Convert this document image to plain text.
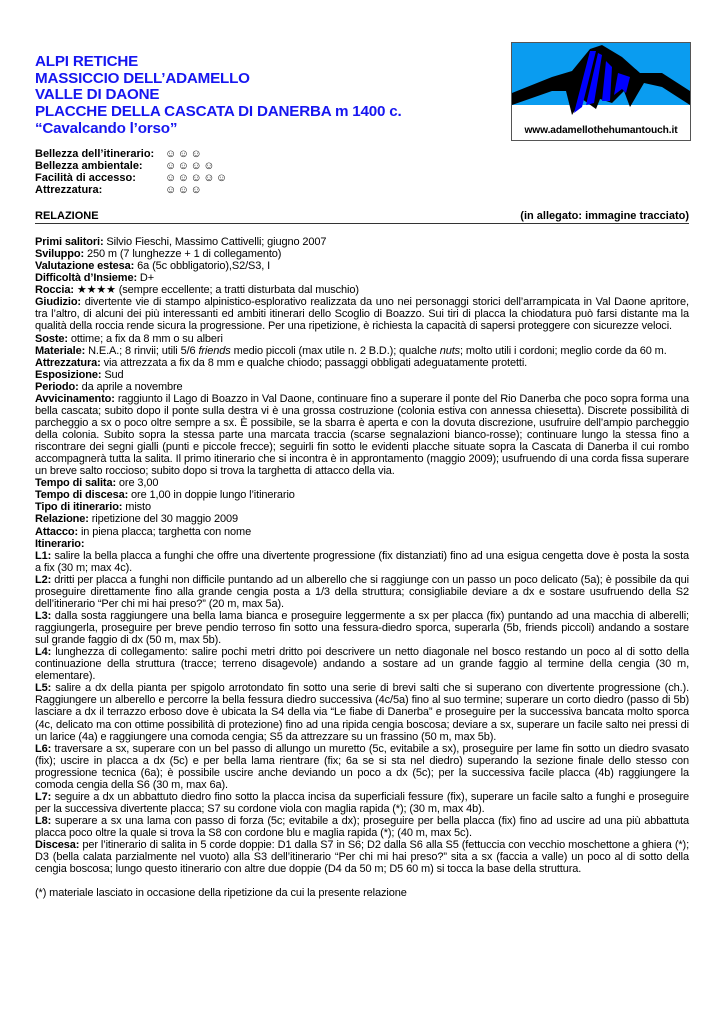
ALPI RETICHE
MASSICCIO DELL’ADAMELLO
VALLE DI DAONE
PLACCHE DELLA CASCATA DI DANERBA m 1400 c.
“Cavalcando l’orso”	www.adamellothehumantouch.it
Bellezza dell’itinerario: ☺☺☺
Bellezza ambientale:	☺☺☺☺
Facilità di accesso:	☺☺☺☺☺
Attrezzatura:	☺☺☺
RELAZIONE	(in allegato: immagine tracciato)

Primi salitori: Silvio Fieschi, Massimo Cattivelli; giugno 2007

Sviluppo: 250 m (7 lunghezze + 1 di collegamento)

Valutazione estesa: 6a (5c obbligatorio),S2/S3, I

Difficoltà d’Insieme: D+

Roccia: ★★★★ (sempre eccellente; a tratti disturbata dal muschio)

Giudizio: divertente vie di stampo alpinistico-esplorativo realizzata da uno nei personaggi storici dell’arrampicata in Val Daone apritore, tra l’altro, di alcuni dei più interessanti ed ambiti itinerari dello Scoglio di Boazzo. Sui tiri di placca la chiodatura può farsi distante ma la qualità della roccia rende sicura la progressione. Per una ripetizione, è richiesta la capacità di sapersi proteggere con sicurezze veloci.

Soste: ottime; a fix da 8 mm o su alberi

Materiale: N.E.A.; 8 rinvii; utili 5/6 friends medio piccoli (max utile n. 2 B.D.); qualche nuts; molto utili i cordoni; meglio corde da 60 m.

Attrezzatura: via attrezzata a fix da 8 mm e qualche chiodo; passaggi obbligati adeguatamente protetti.

Esposizione: Sud

Periodo: da aprile a novembre

Avvicinamento: raggiunto il Lago di Boazzo in Val Daone, continuare fino a superare il ponte del Rio Danerba che poco sopra forma una bella cascata; subito dopo il ponte sulla destra vi è una grossa costruzione (colonia estiva con annessa chiesetta). Discrete possibilità di parcheggio a sx o poco oltre sempre a sx. È possibile, se la sbarra è aperta e con la dovuta discrezione, usufruire dell’ampio parcheggio della colonia. Subito sopra la stessa parte una marcata traccia (scarse segnalazioni bianco-rosse); continuare lungo la stessa fino a riscontrare dei segni gialli (punti e piccole frecce); seguirli fin sotto le evidenti placche situate sopra la Cascata di Danerba il cui rombo accompagnerà tutta la salita. Il primo itinerario che si incontra è in approntamento (maggio 2009); usufruendo di una corda fissa superare un breve salto roccioso; subito dopo si trova la targhetta di attacco della via.

Tempo di salita: ore 3,00

Tempo di discesa: ore 1,00 in doppie lungo l’itinerario

Tipo di itinerario: misto

Relazione: ripetizione del 30 maggio 2009

Attacco: in piena placca; targhetta con nome

Itinerario:

L1: salire la bella placca a funghi che offre una divertente progressione (fix distanziati) fino ad una esigua cengetta dove è posta la sosta a fix (30 m; max 4c).

L2: dritti per placca a funghi non difficile puntando ad un alberello che si raggiunge con un passo un poco delicato (5a); è possibile da qui proseguire direttamente fino alla grande cengia posta a 1/3 della struttura; consigliabile deviare a dx e sostare usufruendo della S2 dell’itinerario “Per chi mi hai preso?” (20 m, max 5a).

L3: dalla sosta raggiungere una bella lama bianca e proseguire leggermente a sx per placca (fix) puntando ad una macchia di alberelli; raggiungerla, proseguire per breve pendio terroso fin sotto una fessura-diedro sporca, superarla (5b, friends piccoli) andando a sostare sul grande faggio di dx (50 m, max 5b).

L4: lunghezza di collegamento: salire pochi metri dritto poi descrivere un netto diagonale nel bosco restando un poco al di sotto della continuazione della struttura (tracce; terreno disagevole) andando a sostare ad un grande faggio al termine della cengia (30 m, elementare).

L5: salire a dx della pianta per spigolo arrotondato fin sotto una serie di brevi salti che si superano con divertente progressione (ch.). Raggiungere un alberello e percorre la bella fessura diedro successiva (4c/5a) fino al suo termine; superare un corto diedro (passo di 5b) lasciare a dx il terrazzo erboso dove è ubicata la S4 della via “Le fiabe di Danerba” e proseguire per la successiva bancata molto sporca (4c, delicato ma con ottime possibilità di protezione) fino ad una ripida cengia boscosa; deviare a sx, superare un facile salto nei pressi di un larice (4a) e raggiungere una comoda cengia; S5 da attrezzare su un frassino (50 m, max 5b).

L6: traversare a sx, superare con un bel passo di allungo un muretto (5c, evitabile a sx), proseguire per lame fin sotto un diedro svasato (fix); uscire in placca a dx (5c) e per bella lama rientrare (fix; 6a se si sta nel diedro) superando la sezione finale dello stesso con progressione tecnica (6a); è possibile uscire anche deviando un poco a dx (5c); per la successiva facile placca (4b) raggiungere la comoda cengia della S6 (30 m, max 6a).

L7: seguire a dx un abbattuto diedro fino sotto la placca incisa da superficiali fessure (fix), superare un facile salto a funghi e proseguire per la successiva divertente placca; S7 su cordone viola con maglia rapida (*); (30 m, max 4b).

L8: superare a sx una lama con passo di forza (5c; evitabile a dx); proseguire per bella placca (fix) fino ad uscire ad una più abbattuta placca poco oltre la quale si trova la S8 con cordone blu e maglia rapida (*); (40 m, max 5c).

Discesa: per l’itinerario di salita in 5 corde doppie: D1 dalla S7 in S6; D2 dalla S6 alla S5 (fettuccia con vecchio moschettone a ghiera (*); D3 (bella calata parzialmente nel vuoto) alla S3 dell’itinerario “Per chi mi hai preso?” sita a sx (faccia a valle) un poco al di sotto della cengia boscosa; lungo questo itinerario con altre due doppie (D4 da 50 m; D5 60 m) si tocca la base della struttura.

(*) materiale lasciato in occasione della ripetizione da cui la presente relazione
